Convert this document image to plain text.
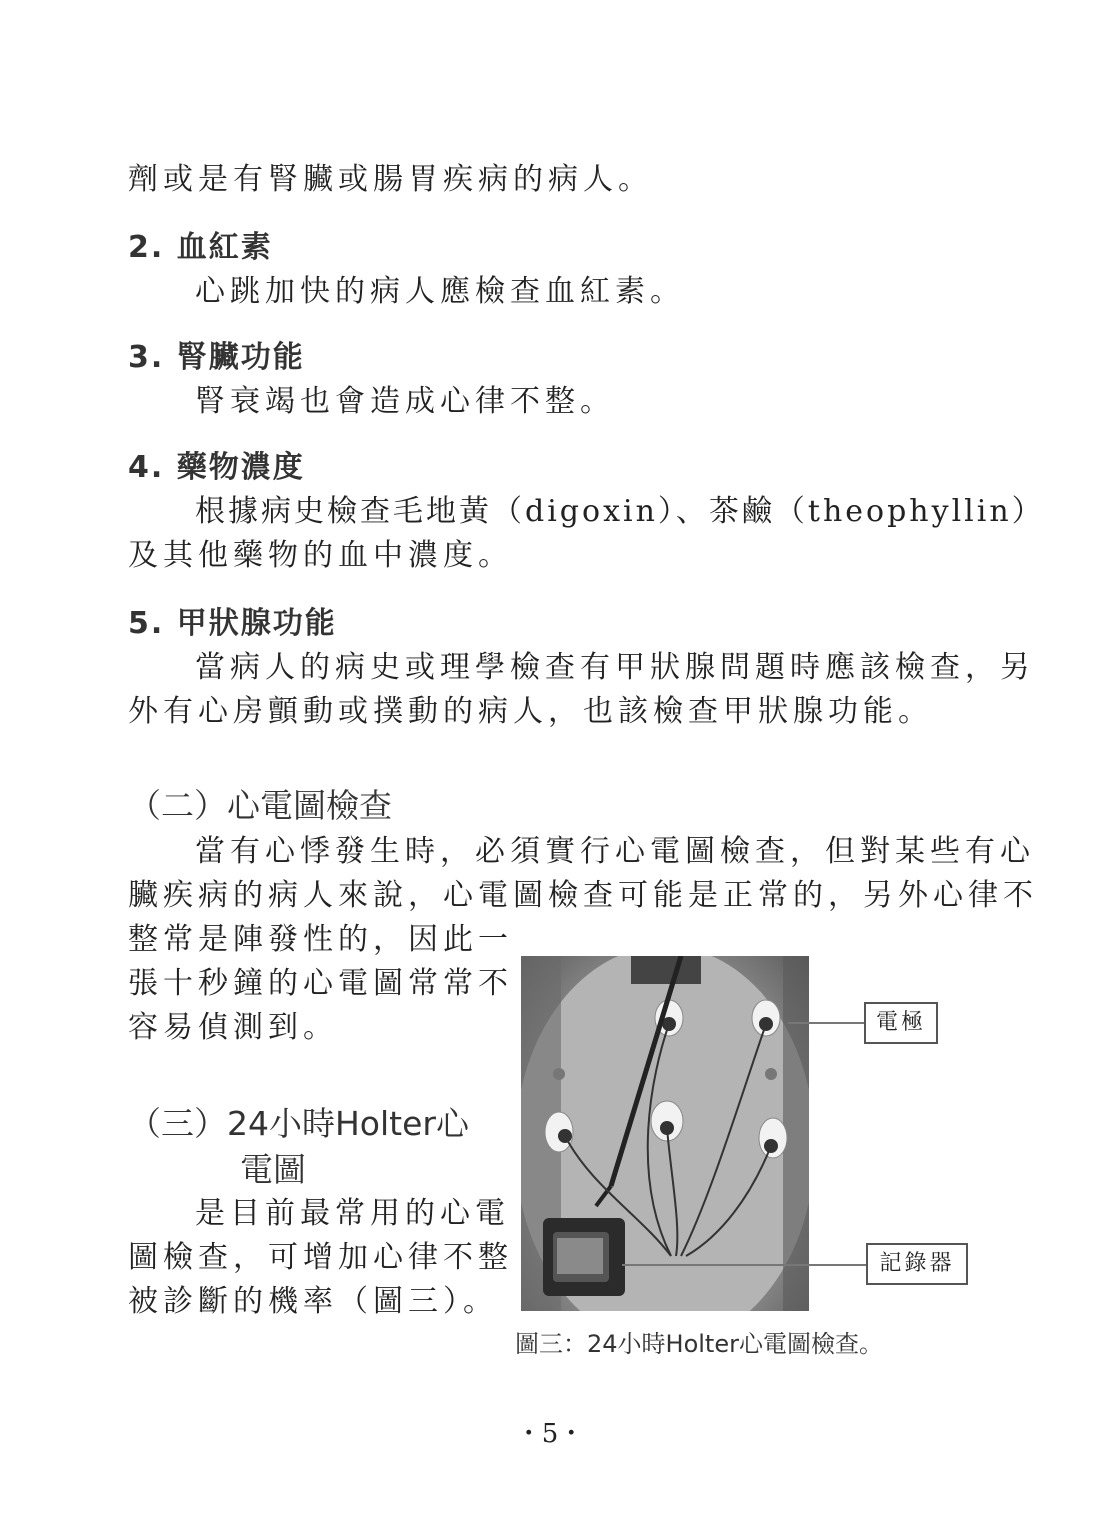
劑或是有腎臟或腸胃疾病的病人。
2. 血紅素
心跳加快的病人應檢查血紅素。
3. 腎臟功能
腎衰竭也會造成心律不整。
4. 藥物濃度
根據病史檢查毛地黃（digoxin）、茶鹼（theophyllin）
及其他藥物的血中濃度。
5. 甲狀腺功能
當病人的病史或理學檢查有甲狀腺問題時應該檢查，另
外有心房顫動或撲動的病人，也該檢查甲狀腺功能。
（二）心電圖檢查
當有心悸發生時，必須實行心電圖檢查，但對某些有心
臟疾病的病人來說，心電圖檢查可能是正常的，另外心律不
整常是陣發性的，因此一
張十秒鐘的心電圖常常不
容易偵測到。
（三）24小時Holter心
電圖
是目前最常用的心電
圖檢查，可增加心律不整
被診斷的機率（圖三）。
電極
記錄器
圖三：24小時Holter心電圖檢查。
・5・
